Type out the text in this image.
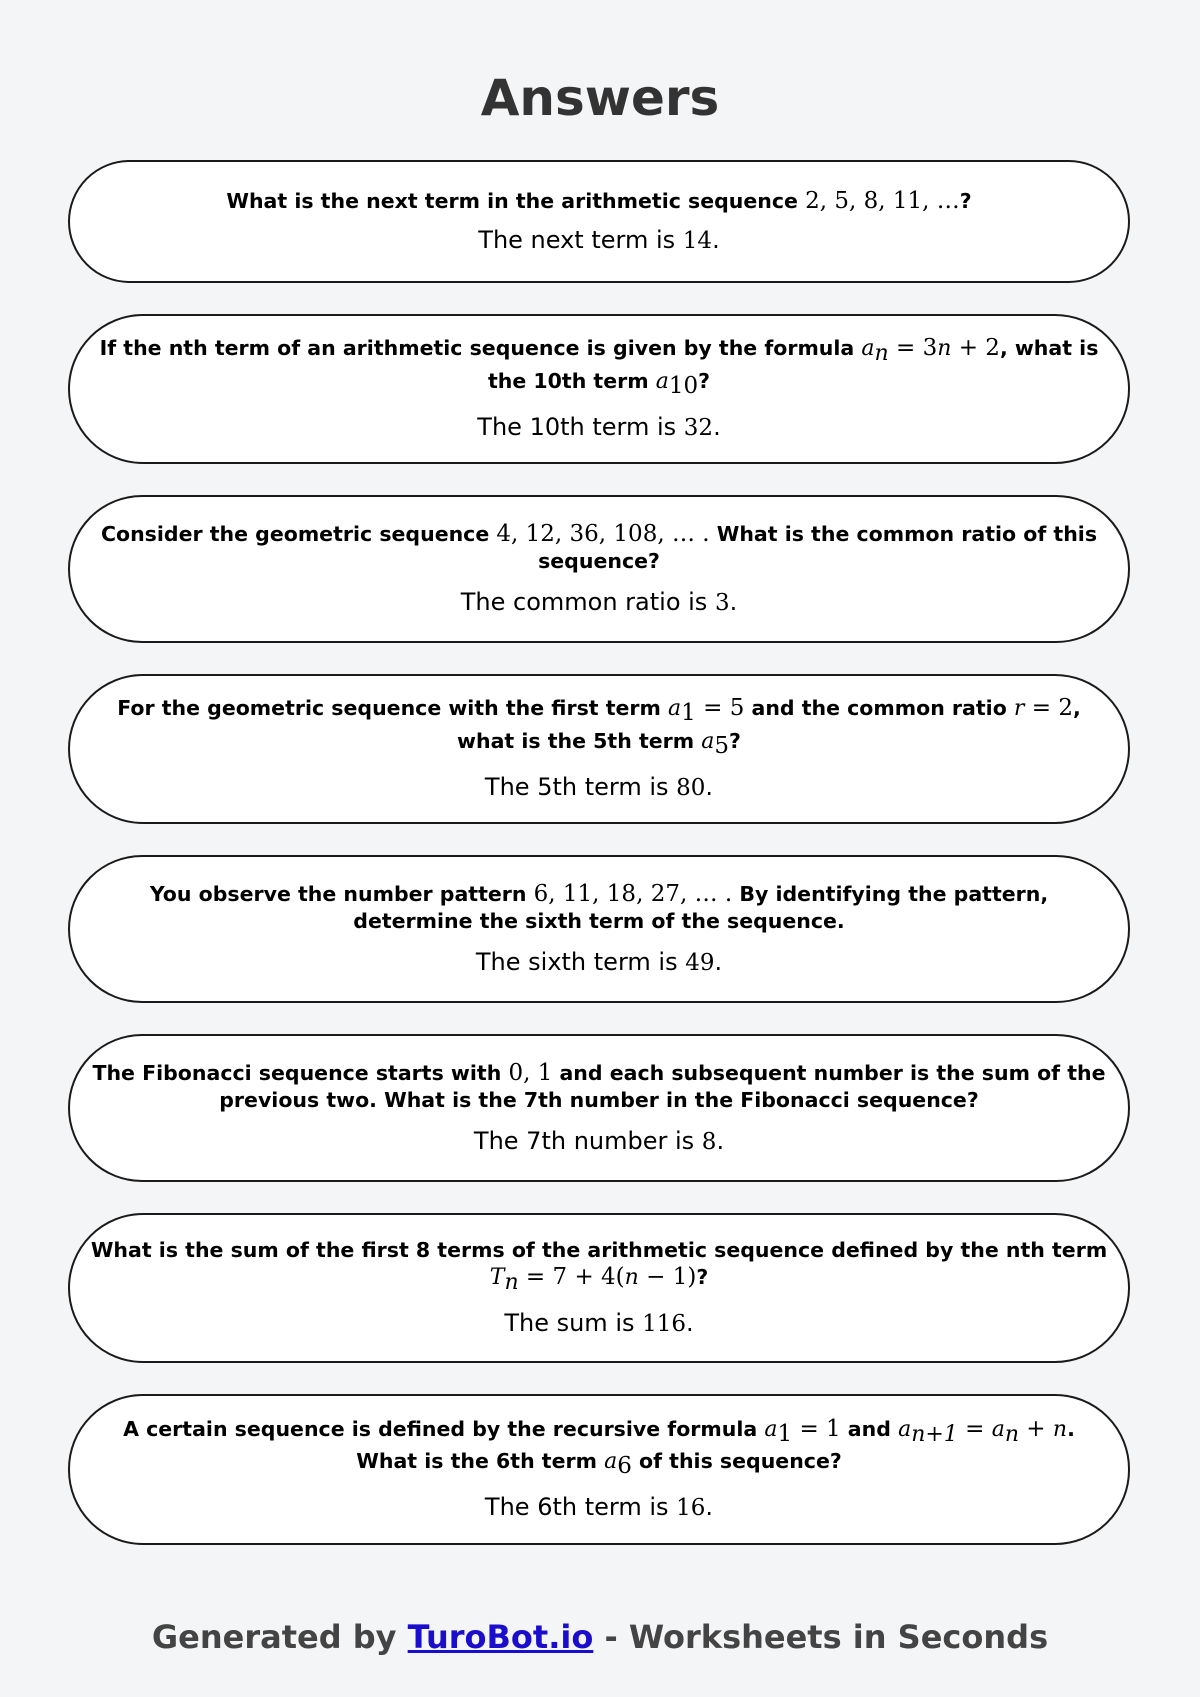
Answers
What is the next term in the arithmetic sequence 2, 5, 8, 11, …?
The next term is 14.
If the nth term of an arithmetic sequence is given by the formula $a_n = 3n + 2$, what is the 10th term $a_{10}$?
The 10th term is 32.
Consider the geometric sequence 4, 12, 36, 108, … . What is the common ratio of this sequence?
The common ratio is 3.
For the geometric sequence with the first term $a_1 = 5$ and the common ratio r = 2, what is the 5th term $a_5$?
The 5th term is 80.
You observe the number pattern 6, 11, 18, 27, … . By identifying the pattern, determine the sixth term of the sequence.
The sixth term is 49.
The Fibonacci sequence starts with 0, 1 and each subsequent number is the sum of the previous two. What is the 7th number in the Fibonacci sequence?
The 7th number is 8.
What is the sum of the first 8 terms of the arithmetic sequence defined by the nth term $T_n = 7 + 4(n - 1)$?
The sum is 116.
A certain sequence is defined by the recursive formula $a_1 = 1$ and $a_{n+1} = a_n + n$. What is the 6th term $a_6$ of this sequence?
The 6th term is 16.
Generated by TuroBot.io - Worksheets in Seconds
